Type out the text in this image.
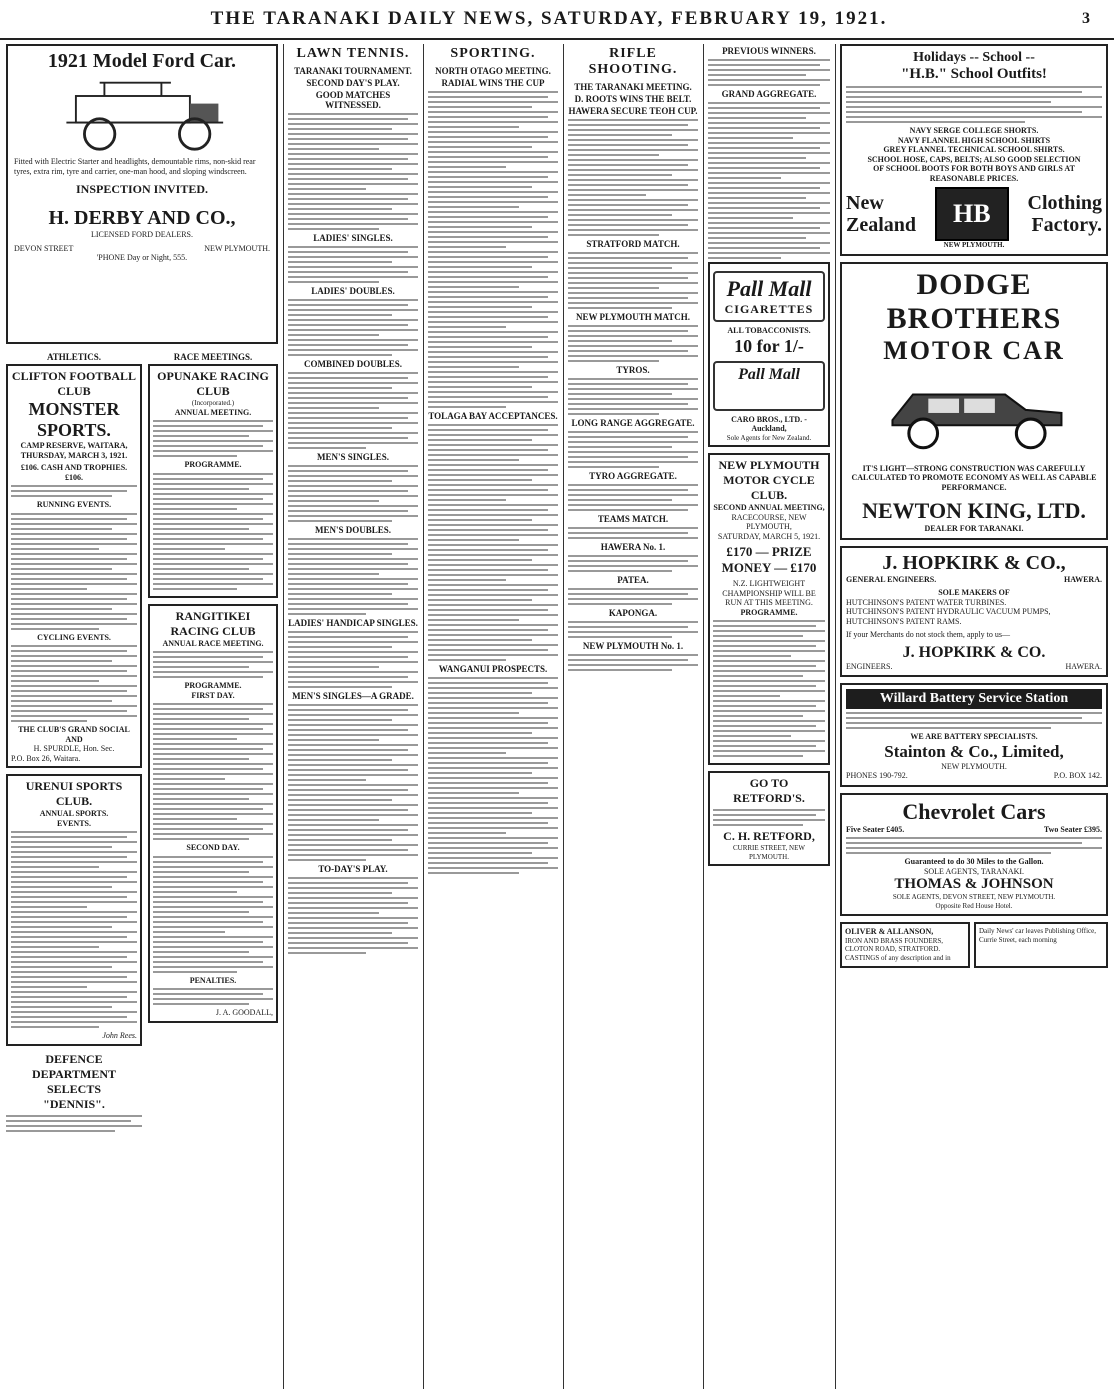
THE TARANAKI DAILY NEWS, SATURDAY, FEBRUARY 19, 1921.	3
1921 Model Ford Car.
Fitted with Electric Starter and headlights, demountable rims, non-skid rear tyres, extra rim, tyre and carrier, one-man hood, and sloping windscreen.
INSPECTION INVITED.
H. DERBY AND CO.,
LICENSED FORD DEALERS.
DEVON STREET	NEW PLYMOUTH.
'PHONE Day or Night, 555.
ATHLETICS.
CLIFTON FOOTBALL CLUB
MONSTER SPORTS.
CAMP RESERVE, WAITARA,
THURSDAY, MARCH 3, 1921.
£106. CASH AND TROPHIES. £106.
RUNNING EVENTS.
CYCLING EVENTS.
THE CLUB'S GRAND SOCIAL AND
H. SPURDLE, Hon. Sec.
P.O. Box 26, Waitara.
URENUI SPORTS CLUB.
ANNUAL SPORTS.
EVENTS.
John Rees.
DEFENCE DEPARTMENT SELECTS
"DENNIS".
RACE MEETINGS.
OPUNAKE RACING CLUB
(Incorporated.)
ANNUAL MEETING.
PROGRAMME.
RANGITIKEI RACING CLUB
ANNUAL RACE MEETING.
PROGRAMME.
FIRST DAY.
SECOND DAY.
PENALTIES.
J. A. GOODALL,
LAWN TENNIS.
TARANAKI TOURNAMENT.
SECOND DAY'S PLAY.
GOOD MATCHES WITNESSED.
LADIES' SINGLES.
LADIES' DOUBLES.
COMBINED DOUBLES.
MEN'S SINGLES.
MEN'S DOUBLES.
LADIES' HANDICAP SINGLES.
MEN'S SINGLES—A GRADE.
TO-DAY'S PLAY.
SPORTING.
NORTH OTAGO MEETING.
RADIAL WINS THE CUP
TOLAGA BAY ACCEPTANCES.
WANGANUI PROSPECTS.
RIFLE SHOOTING.
THE TARANAKI MEETING.
D. ROOTS WINS THE BELT.
HAWERA SECURE TEOH CUP.
STRATFORD MATCH.
NEW PLYMOUTH MATCH.
TYROS.
LONG RANGE AGGREGATE.
TYRO AGGREGATE.
TEAMS MATCH.
HAWERA No. 1.
PATEA.
KAPONGA.
NEW PLYMOUTH No. 1.
PREVIOUS WINNERS.
GRAND AGGREGATE.
Pall Mall
CIGARETTES
ALL TOBACCONISTS.
10 for 1/-
Pall Mall
CARO BROS., LTD. - Auckland,
Sole Agents for New Zealand.
NEW PLYMOUTH MOTOR CYCLE CLUB.
SECOND ANNUAL MEETING,
RACECOURSE, NEW PLYMOUTH,
SATURDAY, MARCH 5, 1921.
£170 — PRIZE MONEY — £170
N.Z. LIGHTWEIGHT CHAMPIONSHIP WILL BE RUN AT THIS MEETING.
PROGRAMME.
GO TO RETFORD'S.
C. H. RETFORD,
CURRIE STREET, NEW PLYMOUTH.
Holidays -- School --
"H.B." School Outfits!
NAVY SERGE COLLEGE SHORTS.
NAVY FLANNEL HIGH SCHOOL SHIRTS
GREY FLANNEL TECHNICAL SCHOOL SHIRTS.
SCHOOL HOSE, CAPS, BELTS; ALSO GOOD SELECTION
OF SCHOOL BOOTS FOR BOTH BOYS AND GIRLS AT
REASONABLE PRICES.
New
Zealand	HB	Clothing
Factory.
NEW PLYMOUTH.
DODGE BROTHERS
MOTOR CAR
IT'S LIGHT—STRONG CONSTRUCTION WAS CAREFULLY CALCULATED TO PROMOTE ECONOMY AS WELL AS CAPABLE PERFORMANCE.
NEWTON KING, LTD.
DEALER FOR TARANAKI.
J. HOPKIRK & CO.,
GENERAL ENGINEERS.	HAWERA.
SOLE MAKERS OF
HUTCHINSON'S PATENT WATER TURBINES.
HUTCHINSON'S PATENT HYDRAULIC VACUUM PUMPS,
HUTCHINSON'S PATENT RAMS.
If your Merchants do not stock them, apply to us—
J. HOPKIRK & CO.
ENGINEERS.	HAWERA.
Willard Battery Service Station
WE ARE BATTERY SPECIALISTS.
Stainton & Co., Limited,
NEW PLYMOUTH.
PHONES 190-792.	P.O. BOX 142.
Chevrolet Cars
Five Seater £405.	Two Seater £395.
Guaranteed to do 30 Miles to the Gallon.
SOLE AGENTS, TARANAKI.
THOMAS & JOHNSON
SOLE AGENTS, DEVON STREET, NEW PLYMOUTH.
Opposite Red House Hotel.
OLIVER & ALLANSON,
IRON AND BRASS FOUNDERS,
CLOTON ROAD, STRATFORD.
CASTINGS of any description and in
Daily News' car leaves Publishing Office, Currie Street, each morning
